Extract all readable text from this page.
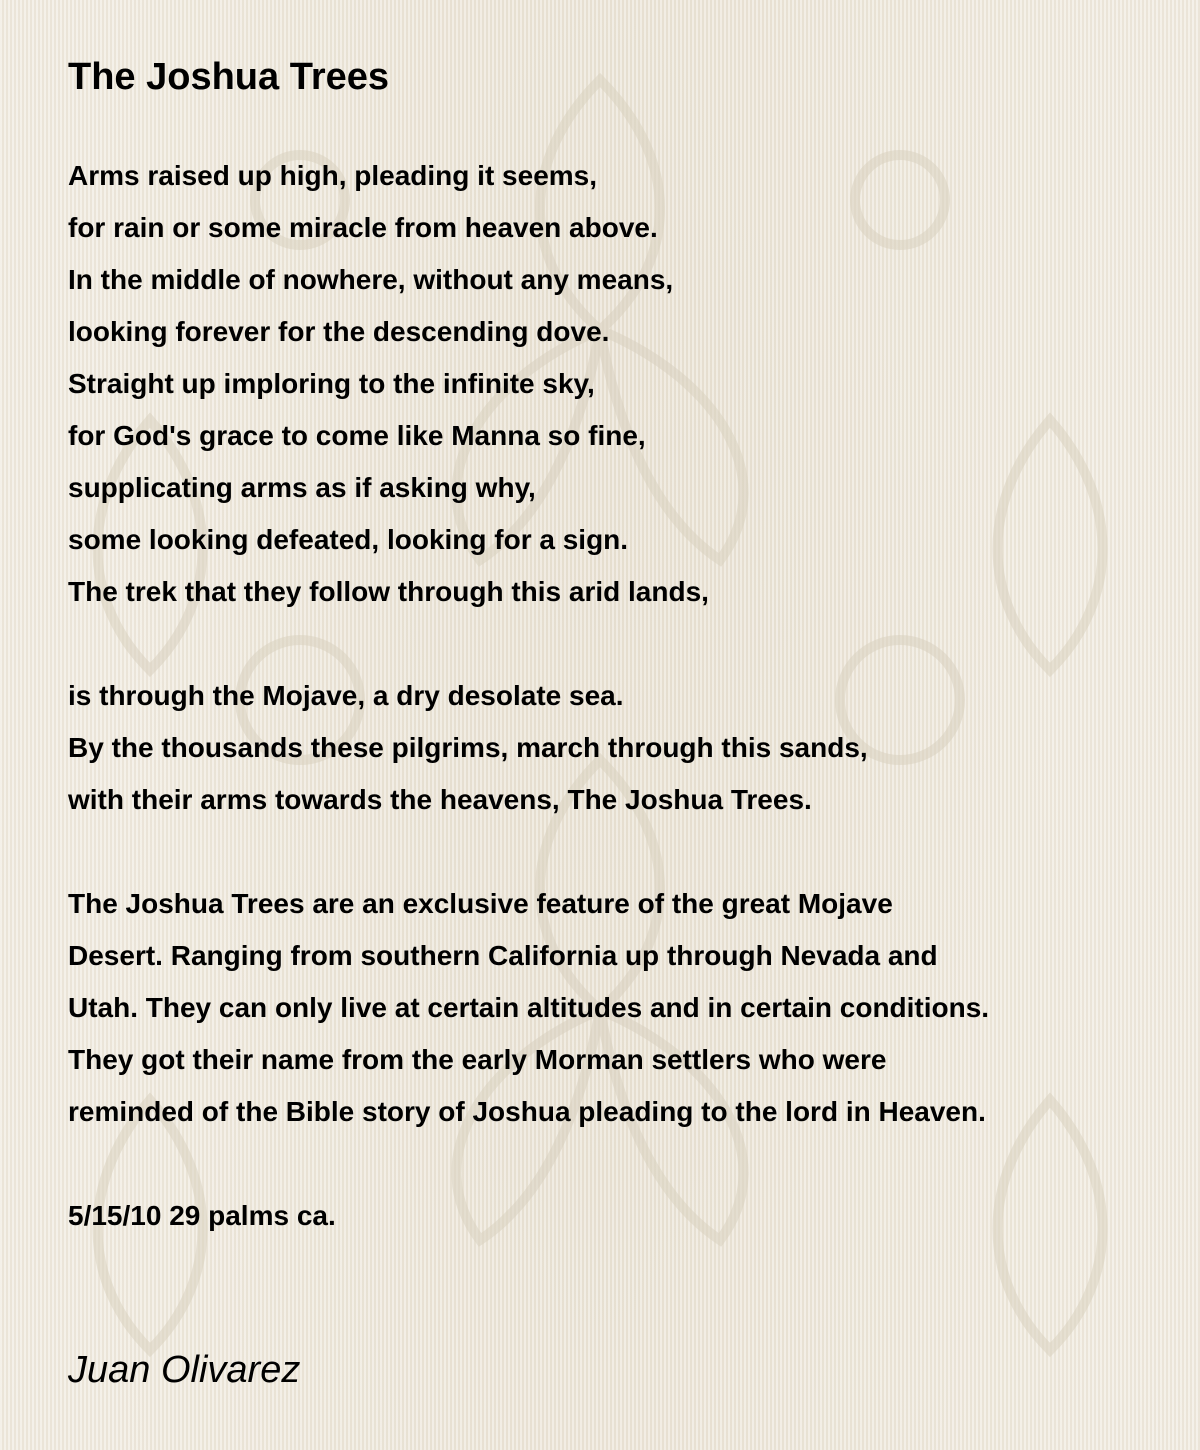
The Joshua Trees
Arms raised up high, pleading it seems,
for rain or some miracle from heaven above.
In the middle of nowhere, without any means,
looking forever for the descending dove.
Straight up imploring to the infinite sky,
for God's grace to come like Manna so fine,
supplicating arms as if asking why,
some looking defeated, looking for a sign.
The trek that they follow through this arid lands,
is through the Mojave, a dry desolate sea.
By the thousands these pilgrims, march through this sands,
with their arms towards the heavens, The Joshua Trees.
The Joshua Trees are an exclusive feature of the great Mojave
Desert. Ranging from southern California up through Nevada and
Utah. They can only live at certain altitudes and in certain conditions.
They got their name from the early Morman settlers who were
reminded of the Bible story of Joshua pleading to the lord in Heaven.
5/15/10 29 palms ca.
Juan Olivarez
